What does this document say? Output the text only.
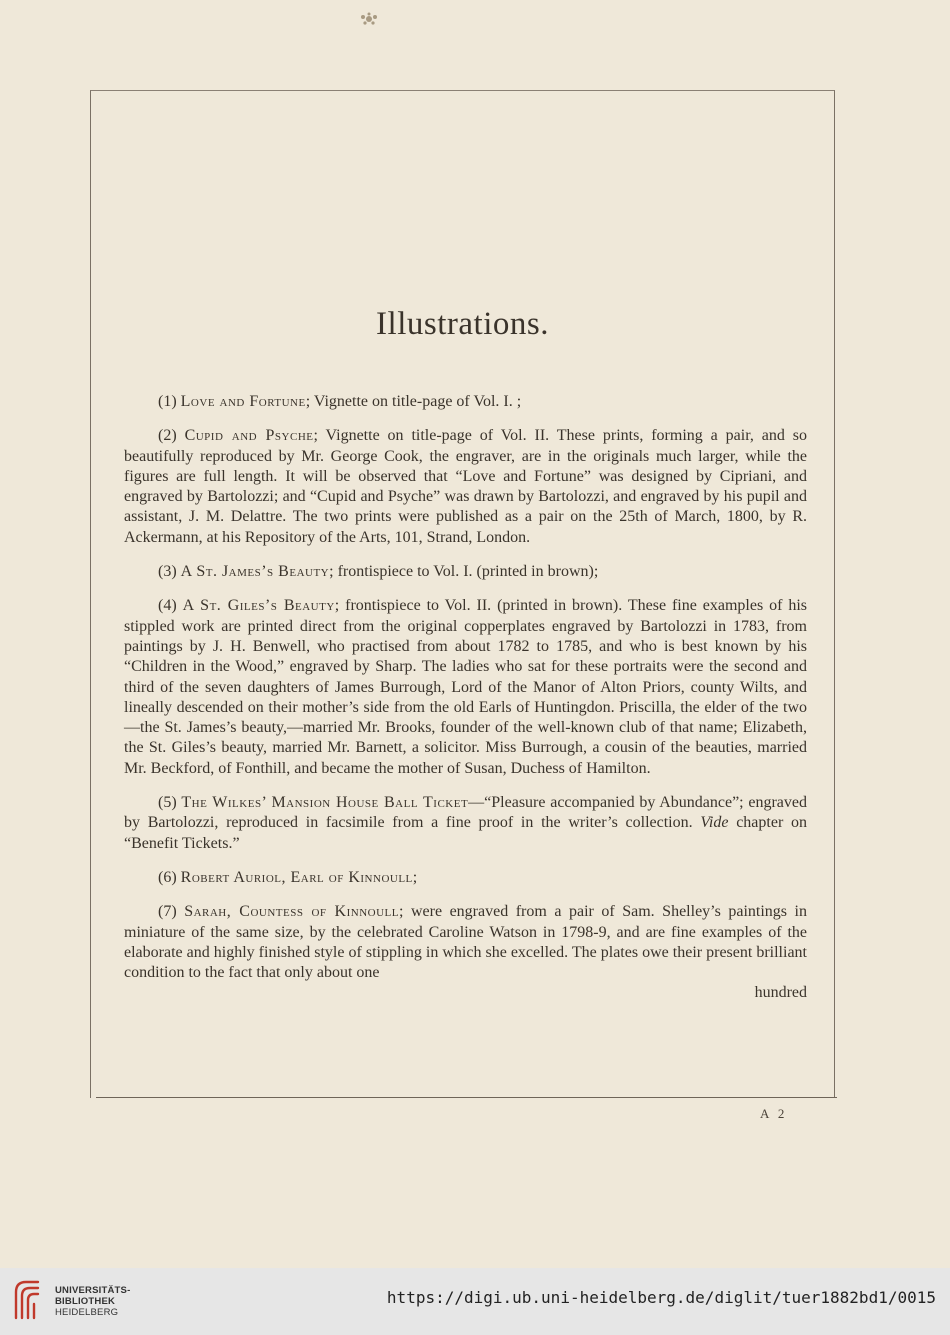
Illustrations.

(1) Love and Fortune; Vignette on title-page of Vol. I. ;

(2) Cupid and Psyche; Vignette on title-page of Vol. II. These prints, forming a pair, and so beautifully reproduced by Mr. George Cook, the engraver, are in the originals much larger, while the figures are full length. It will be observed that “Love and Fortune” was designed by Cipriani, and engraved by Bartolozzi; and “Cupid and Psyche” was drawn by Bartolozzi, and engraved by his pupil and assistant, J. M. Delattre. The two prints were published as a pair on the 25th of March, 1800, by R. Ackermann, at his Repository of the Arts, 101, Strand, London.

(3) A St. James’s Beauty; frontispiece to Vol. I. (printed in brown);

(4) A St. Giles’s Beauty; frontispiece to Vol. II. (printed in brown). These fine examples of his stippled work are printed direct from the original copperplates engraved by Bartolozzi in 1783, from paintings by J. H. Benwell, who practised from about 1782 to 1785, and who is best known by his “Children in the Wood,” engraved by Sharp. The ladies who sat for these portraits were the second and third of the seven daughters of James Burrough, Lord of the Manor of Alton Priors, county Wilts, and lineally descended on their mother’s side from the old Earls of Huntingdon. Priscilla, the elder of the two —the St. James’s beauty,—married Mr. Brooks, founder of the well-known club of that name; Elizabeth, the St. Giles’s beauty, married Mr. Barnett, a solicitor. Miss Burrough, a cousin of the beauties, married Mr. Beckford, of Fonthill, and became the mother of Susan, Duchess of Hamilton.

(5) The Wilkes’ Mansion House Ball Ticket—“Pleasure accompanied by Abundance”; engraved by Bartolozzi, reproduced in facsimile from a fine proof in the writer’s collection. Vide chapter on “Benefit Tickets.”

(6) Robert Auriol, Earl of Kinnoull;

(7) Sarah, Countess of Kinnoull; were engraved from a pair of Sam. Shelley’s paintings in miniature of the same size, by the celebrated Caroline Watson in 1798-9, and are fine examples of the elaborate and highly finished style of stippling in which she excelled. The plates owe their present brilliant condition to the fact that only about one

hundred

A 2
UNIVERSITÄTS-
BIBLIOTHEK
HEIDELBERG
https://digi.ub.uni-heidelberg.de/diglit/tuer1882bd1/0015
